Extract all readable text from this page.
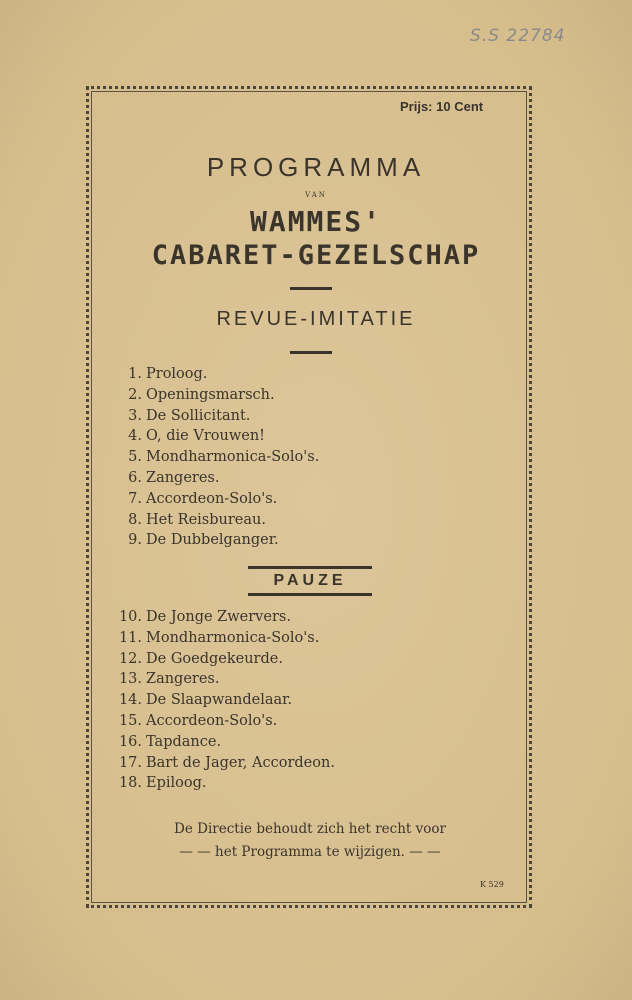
S.S 22784
Prijs: 10 Cent
PROGRAMMA
VAN
WAMMES'
CABARET-GEZELSCHAP
REVUE-IMITATIE
1. Proloog.
2. Openingsmarsch.
3. De Sollicitant.
4. O, die Vrouwen!
5. Mondharmonica-Solo's.
6. Zangeres.
7. Accordeon-Solo's.
8. Het Reisbureau.
9. De Dubbelganger.
PAUZE
10. De Jonge Zwervers.
11. Mondharmonica-Solo's.
12. De Goedgekeurde.
13. Zangeres.
14. De Slaapwandelaar.
15. Accordeon-Solo's.
16. Tapdance.
17. Bart de Jager, Accordeon.
18. Epiloog.
De Directie behoudt zich het recht voor
— — het Programma te wijzigen. — —
K 529
